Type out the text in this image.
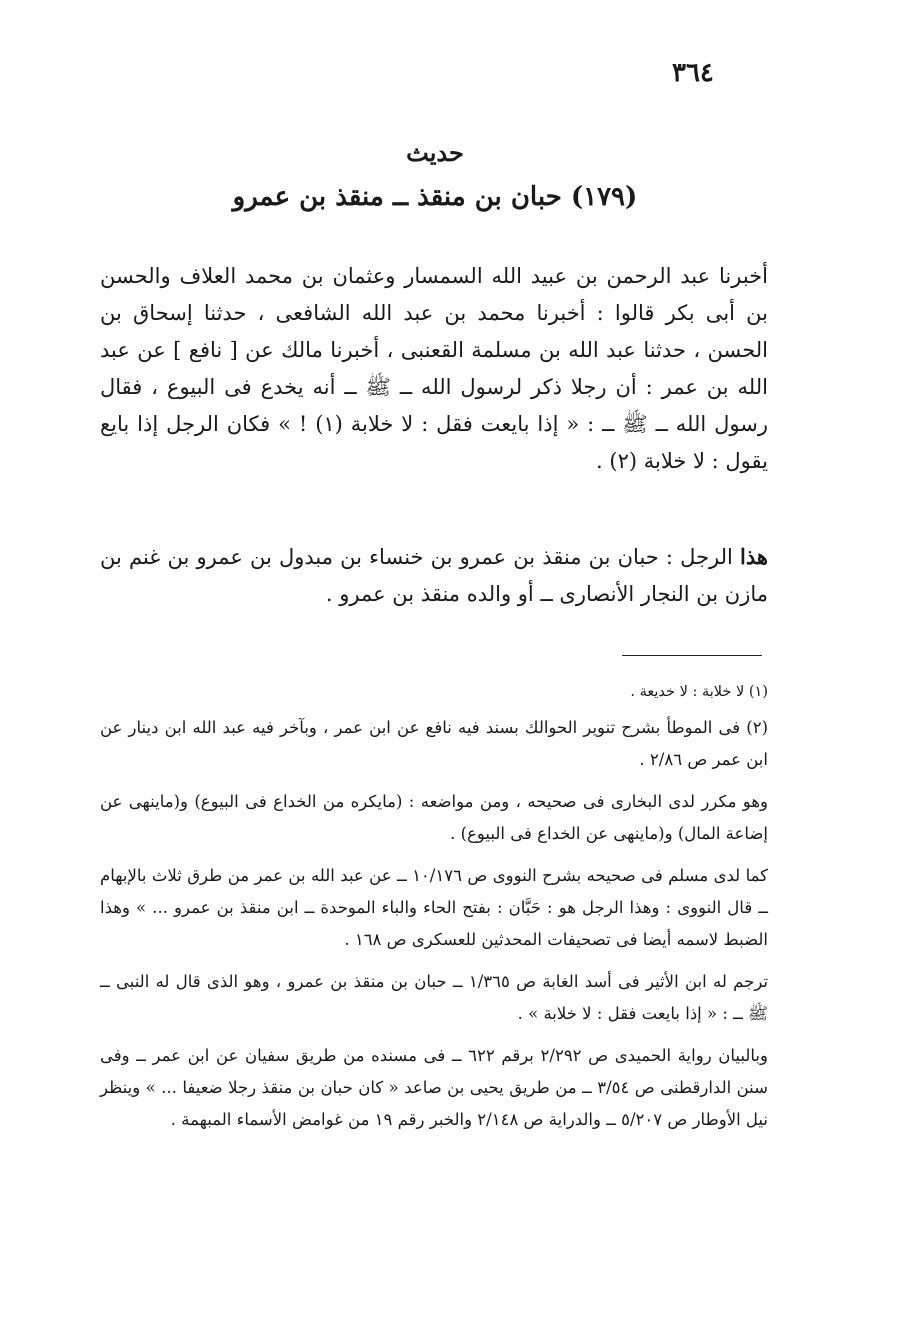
٣٦٤
حديث
(١٧٩) حبان بن منقذ ــ منقذ بن عمرو
أخبرنا عبد الرحمن بن عبيد الله السمسار وعثمان بن محمد العلاف والحسن بن أبى بكر قالوا : أخبرنا محمد بن عبد الله الشافعى ، حدثنا إسحاق بن الحسن ، حدثنا عبد الله بن مسلمة القعنبى ، أخبرنا مالك عن [ نافع ] عن عبد الله بن عمر : أن رجلا ذكر لرسول الله ــ ﷺ ــ أنه يخدع فى البيوع ، فقال رسول الله ــ ﷺ ــ : « إذا بايعت فقل : لا خلابة (١) ! » فكان الرجل إذا بايع يقول : لا خلابة (٢) .
هذا الرجل : حبان بن منقذ بن عمرو بن خنساء بن مبدول بن عمرو بن غنم بن مازن بن النجار الأنصارى ــ أو والده منقذ بن عمرو .
(١) لا خلابة : لا خديعة .
(٢) فى الموطأ بشرح تنوير الحوالك بسند فيه نافع عن ابن عمر ، وبآخر فيه عبد الله ابن دينار عن ابن عمر ص ٢/٨٦ .
وهو مكرر لدى البخارى فى صحيحه ، ومن مواضعه : (مايكره من الخداع فى البيوع) و(ماينهى عن إضاعة المال) و(ماينهى عن الخداع فى البيوع) .
كما لدى مسلم فى صحيحه بشرح النووى ص ١٠/١٧٦ ــ عن عبد الله بن عمر من طرق ثلاث بالإبهام ــ قال النووى : وهذا الرجل هو : حَبَّان : بفتح الحاء والباء الموحدة ــ ابن منقذ بن عمرو ... » وهذا الضبط لاسمه أيضا فى تصحيفات المحدثين للعسكرى ص ١٦٨ .
ترجم له ابن الأثير فى أسد الغابة ص ١/٣٦٥ ــ حبان بن منقذ بن عمرو ، وهو الذى قال له النبى ــ ﷺ ــ : « إذا بايعت فقل : لا خلابة » .
وبالبيان رواية الحميدى ص ٢/٢٩٢ برقم ٦٢٢ ــ فى مسنده من طريق سفيان عن ابن عمر ــ وفى سنن الدارقطنى ص ٣/٥٤ ــ من طريق يحيى بن صاعد « كان حبان بن منقذ رجلا ضعيفا ... » وينظر نيل الأوطار ص ٥/٢٠٧ ــ والدراية ص ٢/١٤٨ والخبر رقم ١٩ من غوامض الأسماء المبهمة .
